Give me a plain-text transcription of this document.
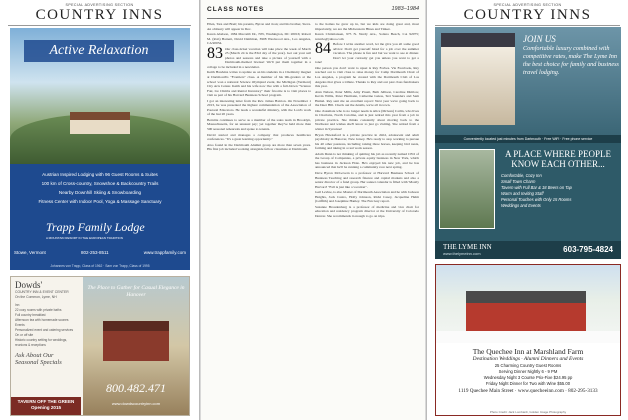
SPECIAL ADVERTISING SECTION
COUNTRY INNS
Active Relaxation
Austrian Inspired Lodging with 96 Guest Rooms & Suites
100 km of Cross-country, Snowshoe & Backcountry Trails
Nearby Downhill Skiing & Snowboarding
Fitness Center with Indoor Pool, Yoga & Massage Sanctuary
Trapp Family Lodge
A MOUNTAIN RESORT IN THE EUROPEAN TRADITION
Stowe, Vermont	802-253-8511	www.trappfamily.com
Johannes von Trapp, Class of 1962 · Sam von Trapp, Class of 1995
Dowds'
COUNTRY INN & EVENT CENTER
On the Common, Lyme, NH
Inn
22 cozy rooms with private baths
Full country breakfast
Afternoon tea with homemade scones
Events
Personalized event and catering services
On or off site
Historic country setting for weddings, reunions & receptions
Ask About Our Seasonal Specials
TAVERN OFF THE GREEN Opening 2015
The Place to Gather for Casual Elegance in Hanover
800.482.471
www.dowdscountryinn.com
CLASS NOTES	1983–1984

Ellen, Tara and Brett; his parents, Byron and Joan; and his brother, Steve. An obituary will appear in Dec.

Karen Abelson, 1984 Macomb Dr., NW, Washington, DC 20016; Robert M. (Rob) Barnett, David Daitlman, 3908 Westwood Ave., Los Angeles, CA 90034.

83 Our class-ticket vacation will take place the week of March 25 (March 24 is the 83rd day of the year). Get out your sail photos and seasons and take a picture of yourself with a Dartmouth-themed license! We'll put them together in a collage to be included in a newsletter.

Keith Hawkins writes to update us on his students in a Chemistry magnet at Dartmouth's "Frontiers" class. A member of his 9th-graders at the school won a national Science Olympiad event, the Michigan (Vermont) City Arts Center. Keith and his wife now live with a full-blown "Science Fair, Ice Climbs and Rental Inventory" their favorite is to visit places to visit as part of his Harvard Business School program.

I got an interesting letter from the Rev. James Hairton. On November 1 2013, he was presented the highest commendation of the Association of Pastoral Educators. He leads a wonderful ministry, with the Lord's work of the last 20 years.

Bernitte continues to serve as a member of the sales team in Brooklyn, Massachusetts, for an unusual pay; yet together they've held more than 500 seasonal rehearsals and spoke to tenants.

David started and manages a company that produces healthcare conferences. "It's a great learning opportunity."

Also found in the Dartmouth Alumni group are more than seven years. His first job included working alongside fellow classmate at Dartmouth.

to the homes he grew up in, but we kids are doing great and, most importantly, we are the Midwestern Hines and Tinker.

Karen Christiansen, 975 N. Nerdy Ave., Solana Beach, CA 92075; ncurrie@yahoo.com

84 Before I write another word, let me give you all some good advice: Don't get yourself hired for a job over the summer vacation. The phone is fun and but we want to see at dinner. Don't let your curiosity get you unless you want to get a tone!

One person you don't want to upset is Rey Forbes. Via Facebook, Rey reached out to visit class to raise money for Camp Dartmouth Chair of Los Angeles, a program he created with the Dartmouth Club of Los Angeles that gives a tribute. Thanks to Rey and our past class fundraisers this year.

Alan Nelson, Peter Mills, Amy Pruett, Beth Jellison, Caroline Dimlow, Kevin Willis, Peter Hermann, Catherine Lukas, Teri Saunders and Sam Hamel. Rey sent me an excellent report: Next year we're going back to the Deer Hill. Check out the details, we're all in town.

One classmate who is no longer needs is Alice (Mclean) Carlin, who lives in Charlotte, North Carolina, and is just retired this year from a job in private practice. She thinks constantly about moving back to the Northeast and wishes she'll know to just go visiting. She retired from a winter in Syracuse!

Bryan Hawksford is a private practice in child, adolescent and adult psychiatry in Hanover, New Jersey. He's ready to stop working to pursue his 40 other passions, including raising three horses, keeping bird nests, farming and taking in a real work season.

Adam Dunn is not thinking of quitting his job as recently named CEO of the Group of Companies, a private equity business in New York, which has business in Jackson Hole. He's enjoyed his new job, and he has announced that he'll be running a community race next spring.

Dave Byron McGovern is a professor at Harvard Business School of Business Teaching and research finance and capital markets and also a senior director of a fund group. Her sonnet calendar is filled with 'Mostly Harvard' "Fall is just like a vacation".

Gail Levine, is also Master of Dartmouth Association and he with Jackson Heights, Jack Castro, Holly Johnson, Ricki Casey, Jacqueline Helm (Griffith) and Josephine Hanley. The Fun Guy report.

Suzanne Broudenberg is a professor of medicine and vice chair for education and residency program director at the University of Colorado Denver. She recommends it enough to go on trips.

SPECIAL ADVERTISING SECTION
COUNTRY INNS
JOIN US
Comfortable luxury combined with competitive rates, make The Lyme Inn the best choice for family and business travel lodging.
Conveniently located just minutes from Dartmouth · Free WiFi · Free phone service
A PLACE WHERE PEOPLE KNOW EACH OTHER...
Comfortable, Cozy Inn
Small Town Charm
Tavern with Full Bar & 18 Beers on Tap
Warm and Inviting Staff
Personal Touches with Only 15 Rooms
Weddings and Events
THE LYME INN
www.thelymeinn.com	603-795-4824
The Quechee Inn at Marshland Farm
Destination Weddings · Alumni Dinners and Events
25 Charming Country Guest Rooms
Serving Dinner Nightly 6 - 9 PM
Wednesday Night 3 Course Prix-Fixe $24.95 pp
Friday Night Dinner for Two with Wine $55.00
1119 Quechee Main Street · www.quecheeinn.com · 802-295-3133
Photo Credit: Jack Lombardi, Golden Image Photography
